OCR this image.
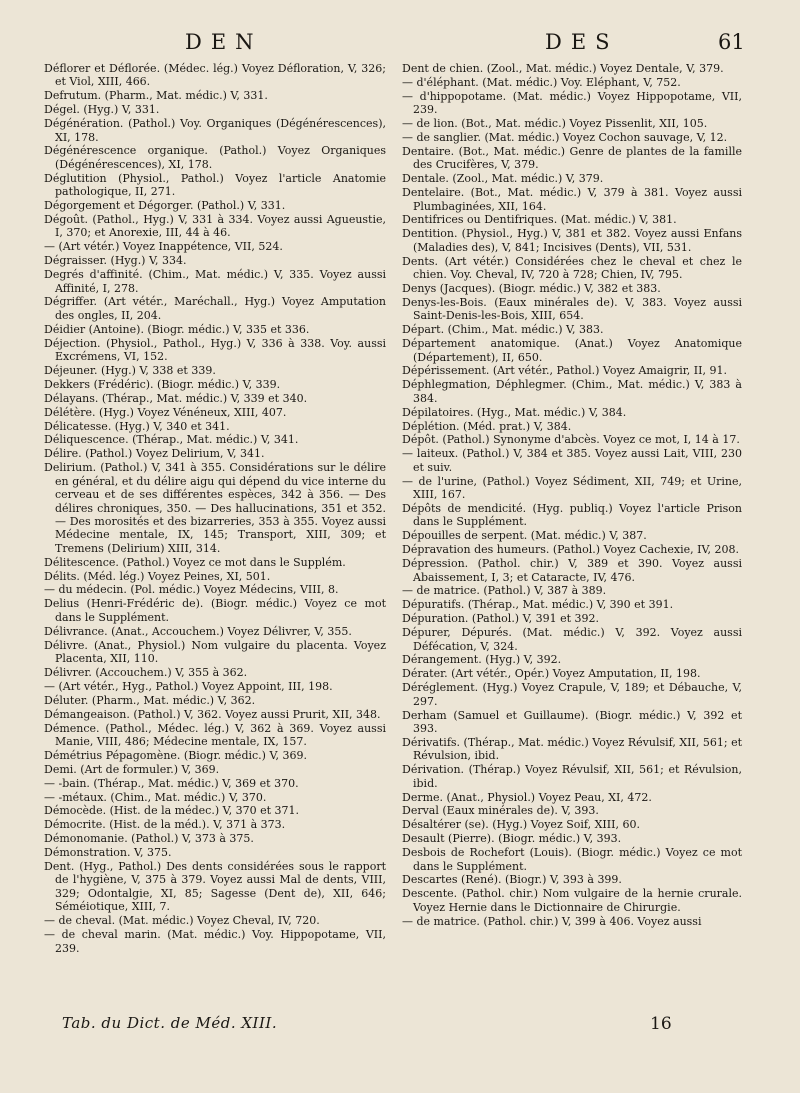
DEN	DES	61

Déflorer et Déflorée. (Médec. lég.) Voyez Défloration, V, 326; et Viol, XIII, 466.

Defrutum. (Pharm., Mat. médic.) V, 331.

Dégel. (Hyg.) V, 331.

Dégénération. (Pathol.) Voy. Organiques (Dégénérescences), XI, 178.

Dégénérescence organique. (Pathol.) Voyez Organiques (Dégénérescences), XI, 178.

Déglutition (Physiol., Pathol.) Voyez l'article Anatomie pathologique, II, 271.

Dégorgement et Dégorger. (Pathol.) V, 331.

Dégoût. (Pathol., Hyg.) V, 331 à 334. Voyez aussi Agueustie, I, 370; et Anorexie, III, 44 à 46.

— (Art vétér.) Voyez Inappétence, VII, 524.

Dégraisser. (Hyg.) V, 334.

Degrés d'affinité. (Chim., Mat. médic.) V, 335. Voyez aussi Affinité, I, 278.

Dégriffer. (Art vétér., Maréchall., Hyg.) Voyez Amputation des ongles, II, 204.

Déidier (Antoine). (Biogr. médic.) V, 335 et 336.

Déjection. (Physiol., Pathol., Hyg.) V, 336 à 338. Voy. aussi Excrémens, VI, 152.

Déjeuner. (Hyg.) V, 338 et 339.

Dekkers (Frédéric). (Biogr. médic.) V, 339.

Délayans. (Thérap., Mat. médic.) V, 339 et 340.

Délétère. (Hyg.) Voyez Vénéneux, XIII, 407.

Délicatesse. (Hyg.) V, 340 et 341.

Déliquescence. (Thérap., Mat. médic.) V, 341.

Délire. (Pathol.) Voyez Delirium, V, 341.

Delirium. (Pathol.) V, 341 à 355. Considérations sur le délire en général, et du délire aigu qui dépend du vice interne du cerveau et de ses différentes espèces, 342 à 356. — Des délires chroniques, 350. — Des hallucinations, 351 et 352. — Des morosités et des bizarreries, 353 à 355. Voyez aussi Médecine mentale, IX, 145; Transport, XIII, 309; et Tremens (Delirium) XIII, 314.

Délitescence. (Pathol.) Voyez ce mot dans le Supplém.

Délits. (Méd. lég.) Voyez Peines, XI, 501.

— du médecin. (Pol. médic.) Voyez Médecins, VIII, 8.

Delius (Henri-Frédéric de). (Biogr. médic.) Voyez ce mot dans le Supplément.

Délivrance. (Anat., Accouchem.) Voyez Délivrer, V, 355.

Délivre. (Anat., Physiol.) Nom vulgaire du placenta. Voyez Placenta, XII, 110.

Délivrer. (Accouchem.) V, 355 à 362.

— (Art vétér., Hyg., Pathol.) Voyez Appoint, III, 198.

Déluter. (Pharm., Mat. médic.) V, 362.

Démangeaison. (Pathol.) V, 362. Voyez aussi Prurit, XII, 348.

Démence. (Pathol., Médec. lég.) V, 362 à 369. Voyez aussi Manie, VIII, 486; Médecine mentale, IX, 157.

Démétrius Pépagomène. (Biogr. médic.) V, 369.

Demi. (Art de formuler.) V, 369.

— -bain. (Thérap., Mat. médic.) V, 369 et 370.

— -métaux. (Chim., Mat. médic.) V, 370.

Démocède. (Hist. de la médec.) V, 370 et 371.

Démocrite. (Hist. de la méd.). V, 371 à 373.

Démonomanie. (Pathol.) V, 373 à 375.

Démonstration. V, 375.

Dent. (Hyg., Pathol.) Des dents considérées sous le rapport de l'hygiène, V, 375 à 379. Voyez aussi Mal de dents, VIII, 329; Odontalgie, XI, 85; Sagesse (Dent de), XII, 646; Séméiotique, XIII, 7.

— de cheval. (Mat. médic.) Voyez Cheval, IV, 720.

— de cheval marin. (Mat. médic.) Voy. Hippopotame, VII, 239.

Dent de chien. (Zool., Mat. médic.) Voyez Dentale, V, 379.

— d'éléphant. (Mat. médic.) Voy. Eléphant, V, 752.

— d'hippopotame. (Mat. médic.) Voyez Hippopotame, VII, 239.

— de lion. (Bot., Mat. médic.) Voyez Pissenlit, XII, 105.

— de sanglier. (Mat. médic.) Voyez Cochon sauvage, V, 12.

Dentaire. (Bot., Mat. médic.) Genre de plantes de la famille des Crucifères, V, 379.

Dentale. (Zool., Mat. médic.) V, 379.

Dentelaire. (Bot., Mat. médic.) V, 379 à 381. Voyez aussi Plumbaginées, XII, 164.

Dentifrices ou Dentifriques. (Mat. médic.) V, 381.

Dentition. (Physiol., Hyg.) V, 381 et 382. Voyez aussi Enfans (Maladies des), V, 841; Incisives (Dents), VII, 531.

Dents. (Art vétér.) Considérées chez le cheval et chez le chien. Voy. Cheval, IV, 720 à 728; Chien, IV, 795.

Denys (Jacques). (Biogr. médic.) V, 382 et 383.

Denys-les-Bois. (Eaux minérales de). V, 383. Voyez aussi Saint-Denis-les-Bois, XIII, 654.

Départ. (Chim., Mat. médic.) V, 383.

Département anatomique. (Anat.) Voyez Anatomique (Département), II, 650.

Dépérissement. (Art vétér., Pathol.) Voyez Amaigrir, II, 91.

Déphlegmation, Déphlegmer. (Chim., Mat. médic.) V, 383 à 384.

Dépilatoires. (Hyg., Mat. médic.) V, 384.

Déplétion. (Méd. prat.) V, 384.

Dépôt. (Pathol.) Synonyme d'abcès. Voyez ce mot, I, 14 à 17.

— laiteux. (Pathol.) V, 384 et 385. Voyez aussi Lait, VIII, 230 et suiv.

— de l'urine, (Pathol.) Voyez Sédiment, XII, 749; et Urine, XIII, 167.

Dépôts de mendicité. (Hyg. publiq.) Voyez l'article Prison dans le Supplément.

Dépouilles de serpent. (Mat. médic.) V, 387.

Dépravation des humeurs. (Pathol.) Voyez Cachexie, IV, 208.

Dépression. (Pathol. chir.) V, 389 et 390. Voyez aussi Abaissement, I, 3; et Cataracte, IV, 476.

— de matrice. (Pathol.) V, 387 à 389.

Dépuratifs. (Thérap., Mat. médic.) V, 390 et 391.

Dépuration. (Pathol.) V, 391 et 392.

Dépurer, Dépurés. (Mat. médic.) V, 392. Voyez aussi Défécation, V, 324.

Dérangement. (Hyg.) V, 392.

Dérater. (Art vétér., Opér.) Voyez Amputation, II, 198.

Déréglement. (Hyg.) Voyez Crapule, V, 189; et Débauche, V, 297.

Derham (Samuel et Guillaume). (Biogr. médic.) V, 392 et 393.

Dérivatifs. (Thérap., Mat. médic.) Voyez Révulsif, XII, 561; et Révulsion, ibid.

Dérivation. (Thérap.) Voyez Révulsif, XII, 561; et Révulsion, ibid.

Derme. (Anat., Physiol.) Voyez Peau, XI, 472.

Derval (Eaux minérales de). V, 393.

Désaltérer (se). (Hyg.) Voyez Soif, XIII, 60.

Desault (Pierre). (Biogr. médic.) V, 393.

Desbois de Rochefort (Louis). (Biogr. médic.) Voyez ce mot dans le Supplément.

Descartes (René). (Biogr.) V, 393 à 399.

Descente. (Pathol. chir.) Nom vulgaire de la hernie crurale. Voyez Hernie dans le Dictionnaire de Chirurgie.

— de matrice. (Pathol. chir.) V, 399 à 406. Voyez aussi

Tab. du Dict. de Méd. XIII.	16
